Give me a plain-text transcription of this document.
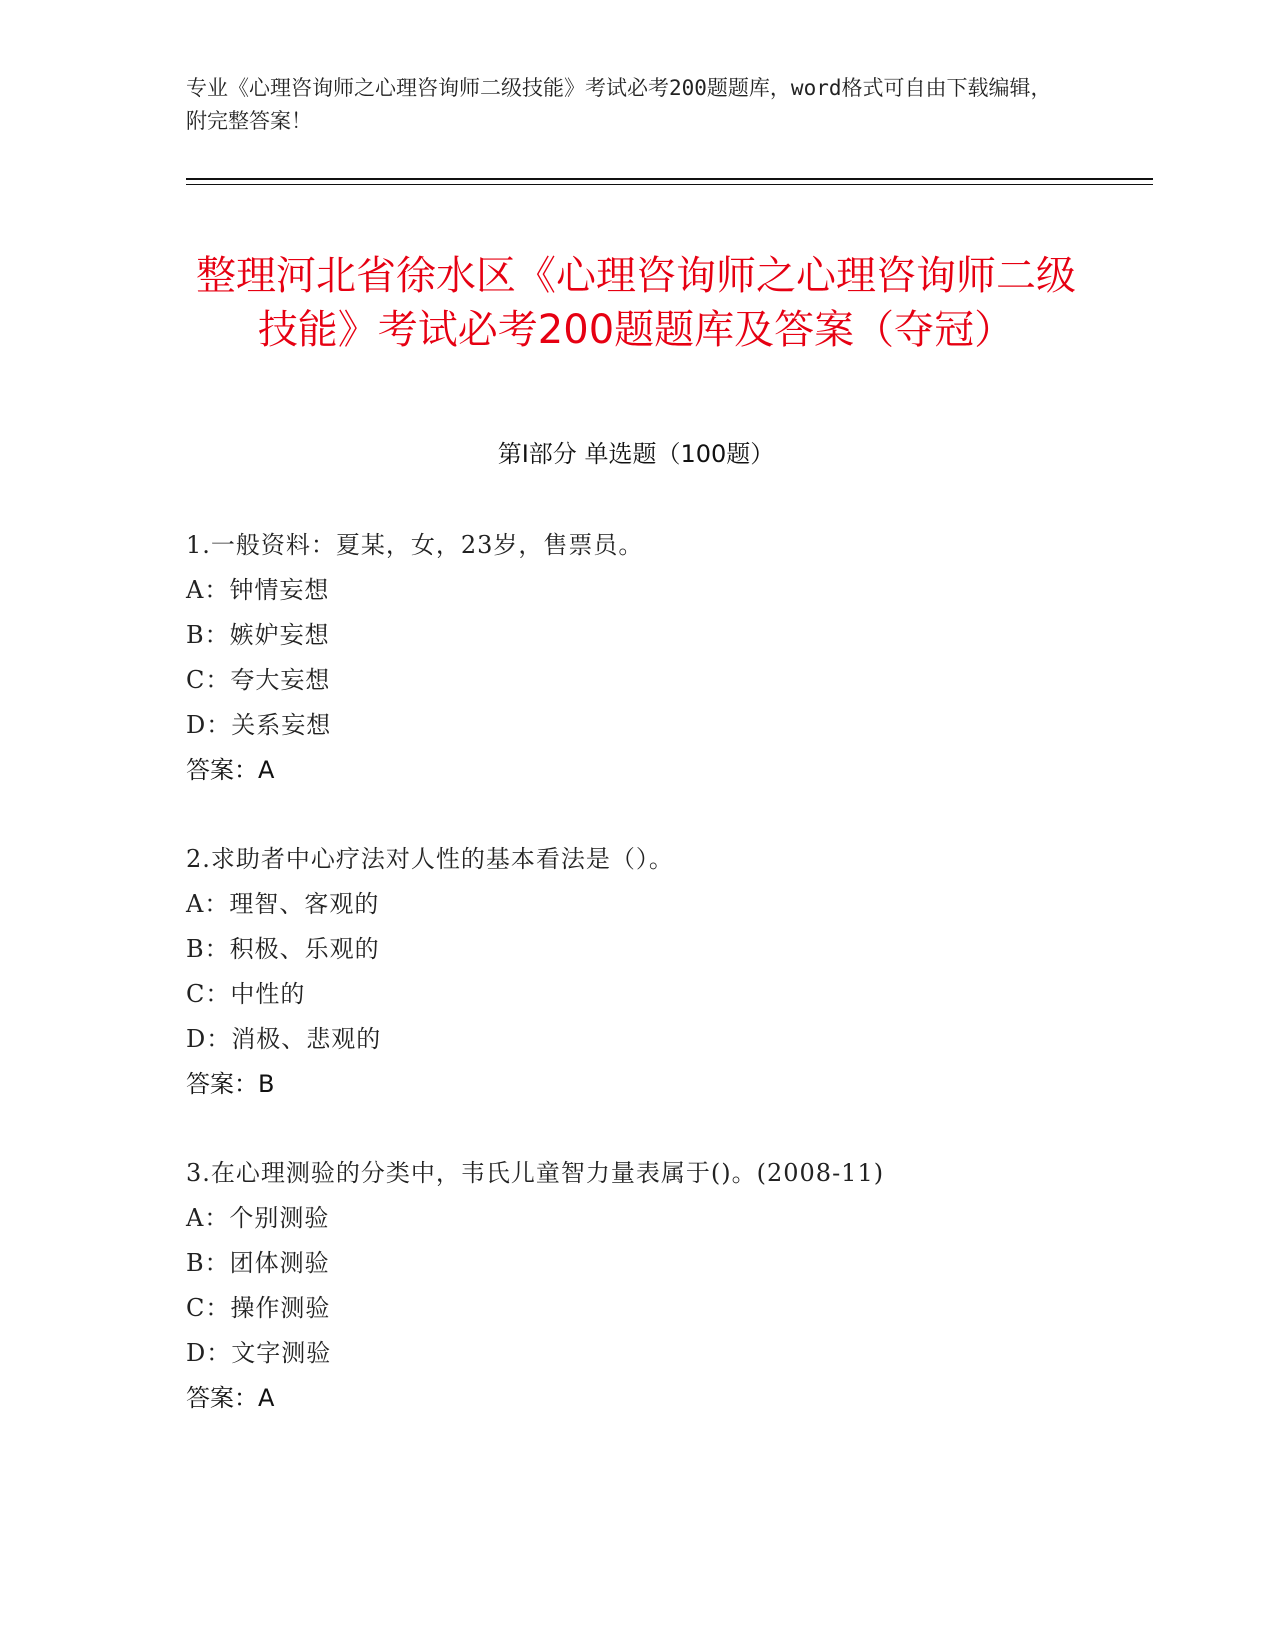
专业《心理咨询师之心理咨询师二级技能》考试必考200题题库，word格式可自由下载编辑，附完整答案！
整理河北省徐水区《心理咨询师之心理咨询师二级技能》考试必考200题题库及答案（夺冠）
第Ⅰ部分 单选题（100题）
1.一般资料：夏某，女，23岁，售票员。
A：钟情妄想
B：嫉妒妄想
C：夸大妄想
D：关系妄想
答案：A
2.求助者中心疗法对人性的基本看法是（）。
A：理智、客观的
B：积极、乐观的
C：中性的
D：消极、悲观的
答案：B
3.在心理测验的分类中，韦氏儿童智力量表属于()。(2008-11)
A：个别测验
B：团体测验
C：操作测验
D：文字测验
答案：A
